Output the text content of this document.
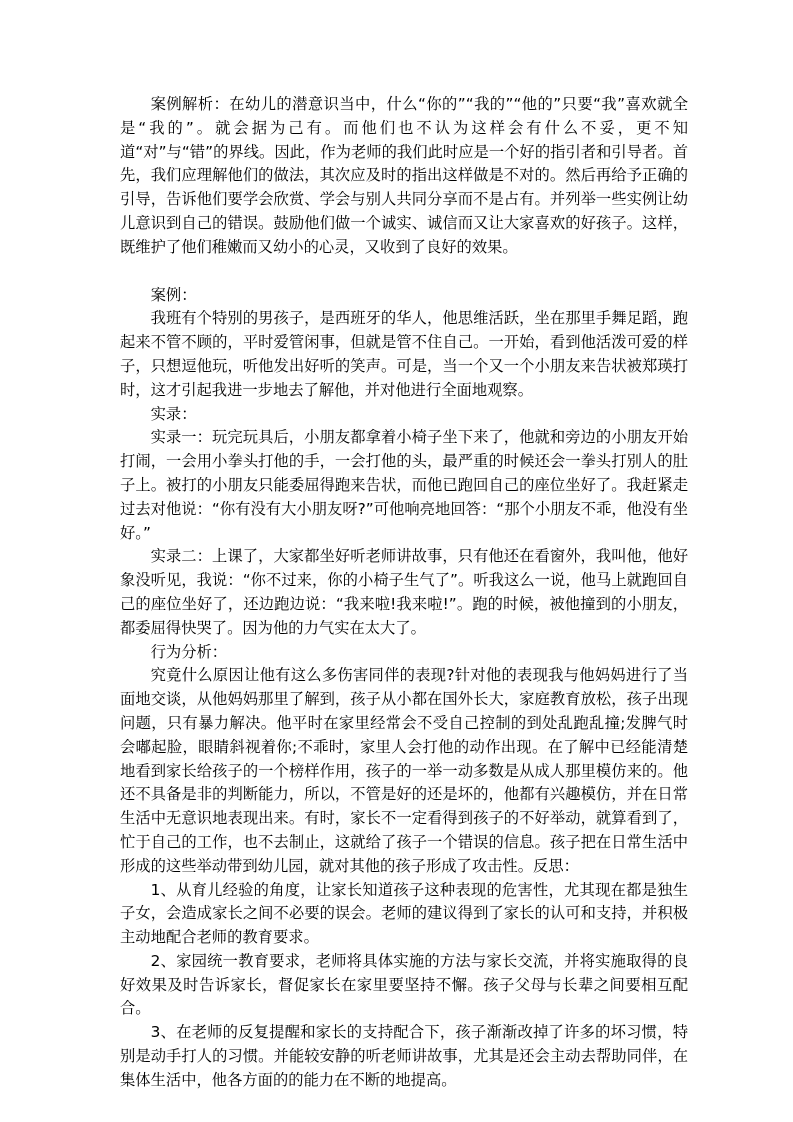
案例解析：在幼儿的潜意识当中，什么“你的”“我的”“他的”只要“我”喜欢就全是“我的”。就会据为己有。而他们也不认为这样会有什么不妥，更不知道“对”与“错”的界线。因此，作为老师的我们此时应是一个好的指引者和引导者。首先，我们应理解他们的做法，其次应及时的指出这样做是不对的。然后再给予正确的引导，告诉他们要学会欣赏、学会与别人共同分享而不是占有。并列举一些实例让幼儿意识到自己的错误。鼓励他们做一个诚实、诚信而又让大家喜欢的好孩子。这样，既维护了他们稚嫩而又幼小的心灵，又收到了良好的效果。

案例：

我班有个特别的男孩子，是西班牙的华人，他思维活跃，坐在那里手舞足蹈，跑起来不管不顾的，平时爱管闲事，但就是管不住自己。一开始，看到他活泼可爱的样子，只想逗他玩，听他发出好听的笑声。可是，当一个又一个小朋友来告状被郑瑛打时，这才引起我进一步地去了解他，并对他进行全面地观察。

实录：

实录一：玩完玩具后，小朋友都拿着小椅子坐下来了，他就和旁边的小朋友开始打闹，一会用小拳头打他的手，一会打他的头，最严重的时候还会一拳头打别人的肚子上。被打的小朋友只能委屈得跑来告状，而他已跑回自己的座位坐好了。我赶紧走过去对他说：“你有没有大小朋友呀?”可他响亮地回答：“那个小朋友不乖，他没有坐好。”

实录二：上课了，大家都坐好听老师讲故事，只有他还在看窗外，我叫他，他好象没听见，我说：“你不过来，你的小椅子生气了”。听我这么一说，他马上就跑回自己的座位坐好了，还边跑边说：“我来啦!我来啦!”。跑的时候，被他撞到的小朋友，都委屈得快哭了。因为他的力气实在太大了。

行为分析：

究竟什么原因让他有这么多伤害同伴的表现?针对他的表现我与他妈妈进行了当面地交谈，从他妈妈那里了解到，孩子从小都在国外长大，家庭教育放松，孩子出现问题，只有暴力解决。他平时在家里经常会不受自己控制的到处乱跑乱撞;发脾气时会嘟起脸，眼睛斜视着你;不乖时，家里人会打他的动作出现。在了解中已经能清楚地看到家长给孩子的一个榜样作用，孩子的一举一动多数是从成人那里模仿来的。他还不具备是非的判断能力，所以，不管是好的还是坏的，他都有兴趣模仿，并在日常生活中无意识地表现出来。有时，家长不一定看得到孩子的不好举动，就算看到了，忙于自己的工作，也不去制止，这就给了孩子一个错误的信息。孩子把在日常生活中形成的这些举动带到幼儿园，就对其他的孩子形成了攻击性。反思：

1、从育儿经验的角度，让家长知道孩子这种表现的危害性，尤其现在都是独生子女，会造成家长之间不必要的误会。老师的建议得到了家长的认可和支持，并积极主动地配合老师的教育要求。

2、家园统一教育要求，老师将具体实施的方法与家长交流，并将实施取得的良好效果及时告诉家长，督促家长在家里要坚持不懈。孩子父母与长辈之间要相互配合。

3、在老师的反复提醒和家长的支持配合下，孩子渐渐改掉了许多的坏习惯，特别是动手打人的习惯。并能较安静的听老师讲故事，尤其是还会主动去帮助同伴，在集体生活中，他各方面的的能力在不断的地提高。
